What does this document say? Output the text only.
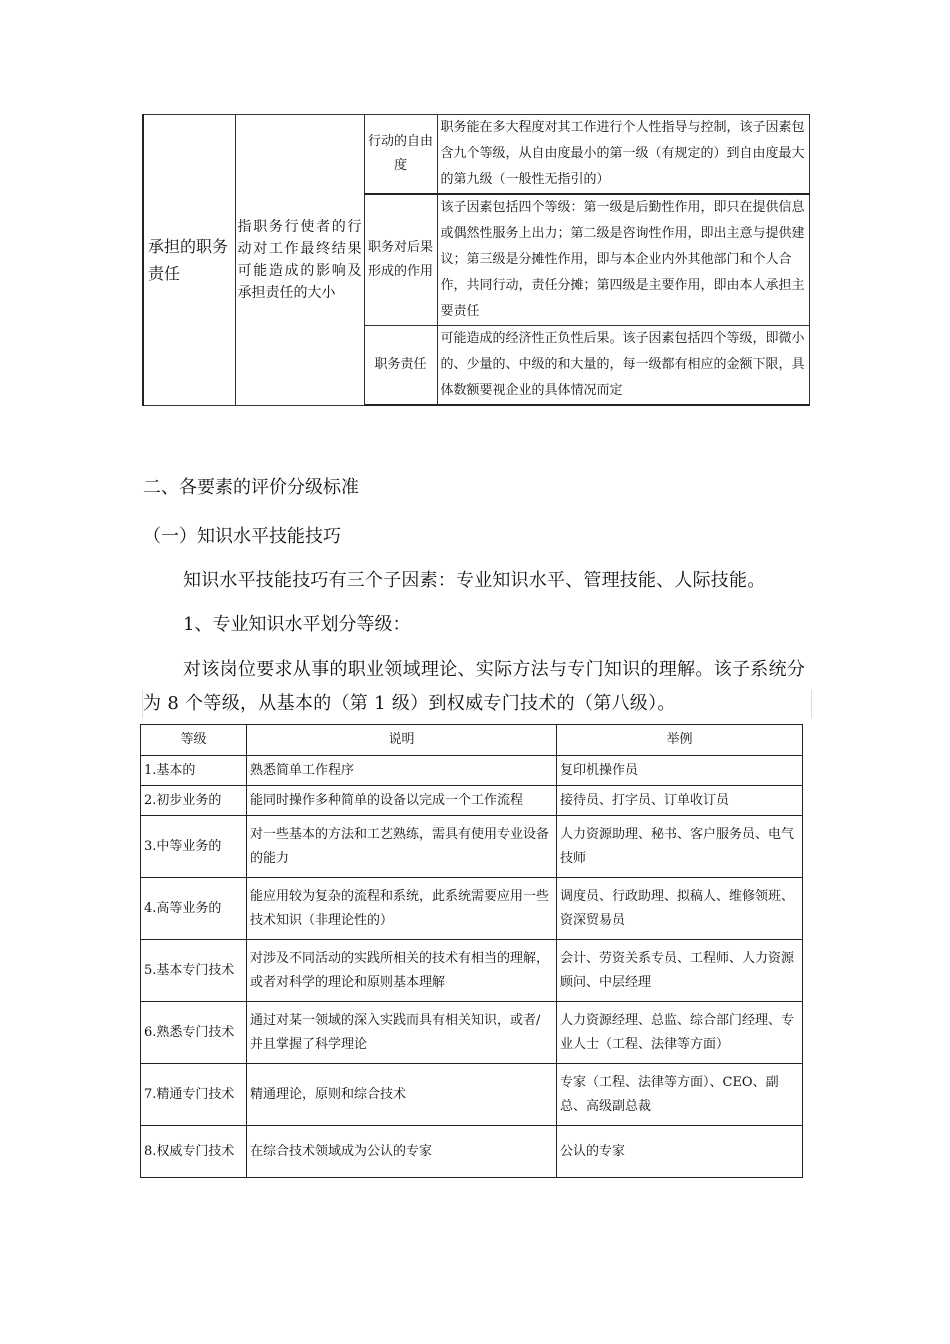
承担的职务责任	指职务行使者的行动对工作最终结果可能造成的影响及承担责任的大小	行动的自由度	职务能在多大程度对其工作进行个人性指导与控制，该子因素包含九个等级，从自由度最小的第一级（有规定的）到自由度最大的第九级（一般性无指引的）
		职务对后果形成的作用	该子因素包括四个等级：第一级是后勤性作用，即只在提供信息或偶然性服务上出力；第二级是咨询性作用，即出主意与提供建议；第三级是分摊性作用，即与本企业内外其他部门和个人合作，共同行动，责任分摊；第四级是主要作用，即由本人承担主要责任
		职务责任	可能造成的经济性正负性后果。该子因素包括四个等级，即微小的、少量的、中级的和大量的，每一级都有相应的金额下限，具体数额要视企业的具体情况而定
二、各要素的评价分级标准
（一）知识水平技能技巧
知识水平技能技巧有三个子因素：专业知识水平、管理技能、人际技能。
1、专业知识水平划分等级：
对该岗位要求从事的职业领域理论、实际方法与专门知识的理解。该子系统分为 8 个等级，从基本的（第 1 级）到权威专门技术的（第八级）。
等级	说明	举例
1.基本的	熟悉简单工作程序	复印机操作员
2.初步业务的	能同时操作多种简单的设备以完成一个工作流程	接待员、打字员、订单收订员
3.中等业务的	对一些基本的方法和工艺熟练，需具有使用专业设备的能力	人力资源助理、秘书、客户服务员、电气技师
4.高等业务的	能应用较为复杂的流程和系统，此系统需要应用一些技术知识（非理论性的）	调度员、行政助理、拟稿人、维修领班、资深贸易员
5.基本专门技术	对涉及不同活动的实践所相关的技术有相当的理解，或者对科学的理论和原则基本理解	会计、劳资关系专员、工程师、人力资源顾问、中层经理
6.熟悉专门技术	通过对某一领域的深入实践而具有相关知识，或者/并且掌握了科学理论	人力资源经理、总监、综合部门经理、专业人士（工程、法律等方面）
7.精通专门技术	精通理论，原则和综合技术	专家（工程、法律等方面）、CEO、副总、高级副总裁
8.权威专门技术	在综合技术领域成为公认的专家	公认的专家
